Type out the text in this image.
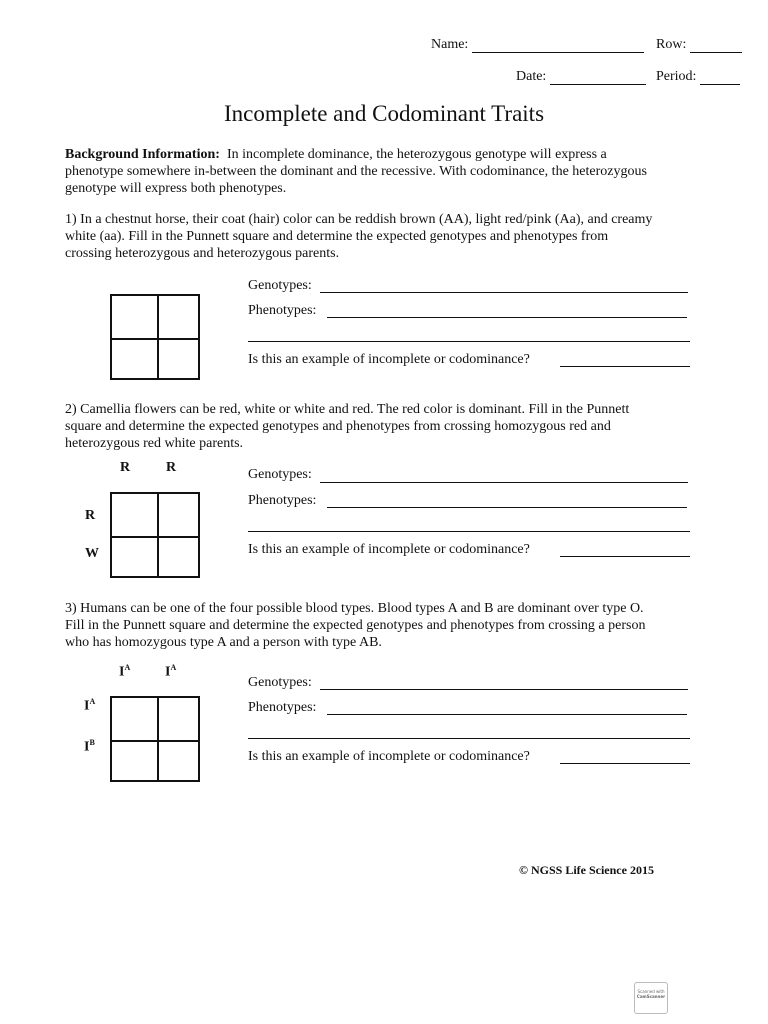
Name:	Row:
Date:	Period:
Incomplete and Codominant Traits
Background Information: In incomplete dominance, the heterozygous genotype will express a
phenotype somewhere in-between the dominant and the recessive. With codominance, the heterozygous
genotype will express both phenotypes.
1) In a chestnut horse, their coat (hair) color can be reddish brown (AA), light red/pink (Aa), and creamy
white (aa). Fill in the Punnett square and determine the expected genotypes and phenotypes from
crossing heterozygous and heterozygous parents.
Genotypes:
Phenotypes:
Is this an example of incomplete or codominance?
2) Camellia flowers can be red, white or white and red. The red color is dominant. Fill in the Punnett
square and determine the expected genotypes and phenotypes from crossing homozygous red and
heterozygous red white parents.
R	R
R
W
Genotypes:
Phenotypes:
Is this an example of incomplete or codominance?
3) Humans can be one of the four possible blood types. Blood types A and B are dominant over type O.
Fill in the Punnett square and determine the expected genotypes and phenotypes from crossing a person
who has homozygous type A and a person with type AB.
$I^A$ $I^A$
$I^A$
$I^B$
Genotypes:
Phenotypes:
Is this an example of incomplete or codominance?
© NGSS Life Science 2015
Scanned with
CamScanner
